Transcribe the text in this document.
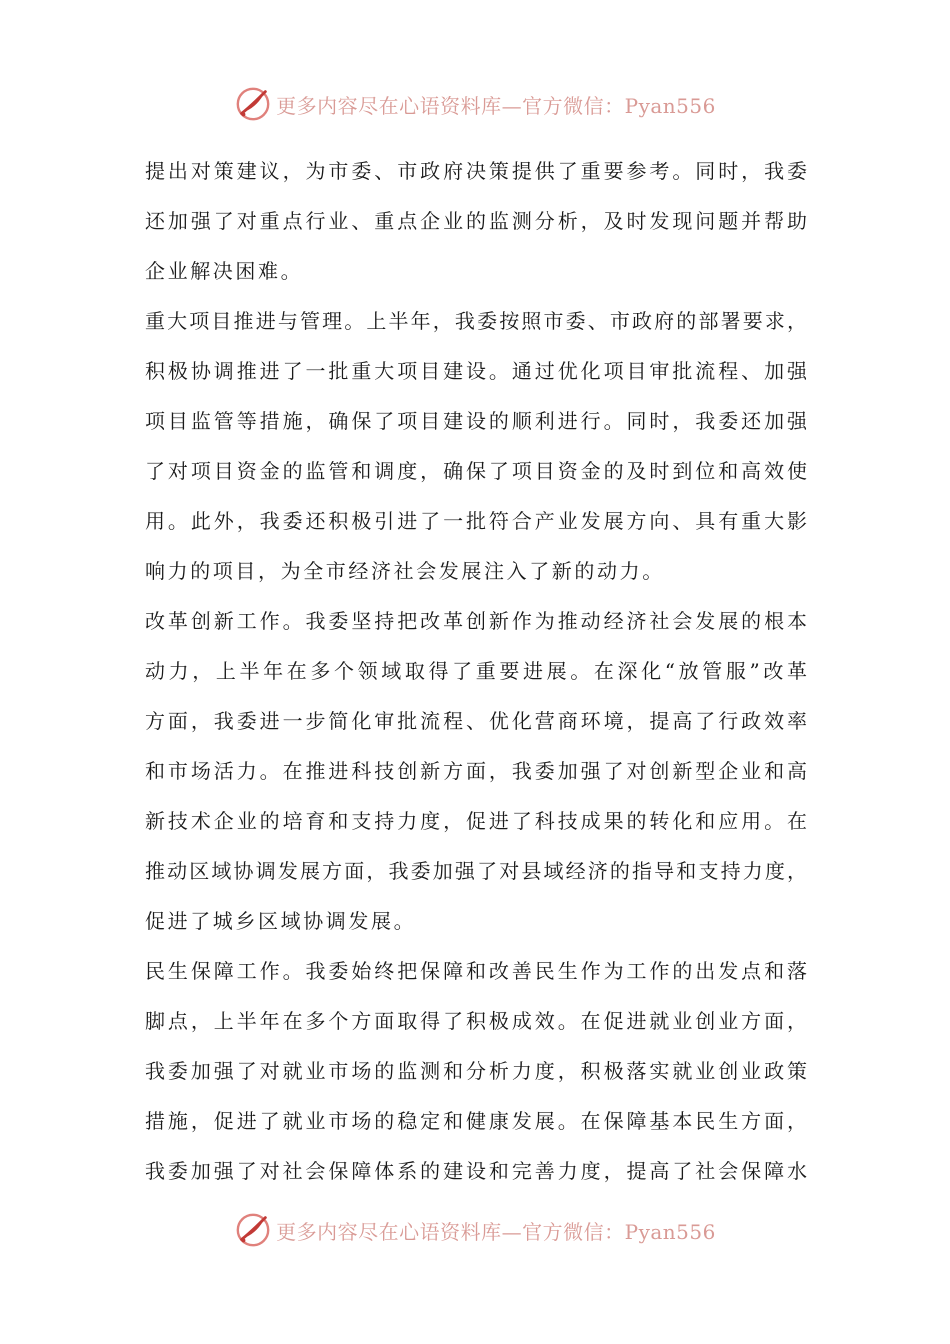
更多内容尽在心语资料库—官方微信：Pyan556
提出对策建议，为市委、市政府决策提供了重要参考。同时，我委
还加强了对重点行业、重点企业的监测分析，及时发现问题并帮助
企业解决困难。
重大项目推进与管理。上半年，我委按照市委、市政府的部署要求，
积极协调推进了一批重大项目建设。通过优化项目审批流程、加强
项目监管等措施，确保了项目建设的顺利进行。同时，我委还加强
了对项目资金的监管和调度，确保了项目资金的及时到位和高效使
用。此外，我委还积极引进了一批符合产业发展方向、具有重大影
响力的项目，为全市经济社会发展注入了新的动力。
改革创新工作。我委坚持把改革创新作为推动经济社会发展的根本
动力，上半年在多个领域取得了重要进展。在深化“放管服”改革
方面，我委进一步简化审批流程、优化营商环境，提高了行政效率
和市场活力。在推进科技创新方面，我委加强了对创新型企业和高
新技术企业的培育和支持力度，促进了科技成果的转化和应用。在
推动区域协调发展方面，我委加强了对县域经济的指导和支持力度，
促进了城乡区域协调发展。
民生保障工作。我委始终把保障和改善民生作为工作的出发点和落
脚点，上半年在多个方面取得了积极成效。在促进就业创业方面，
我委加强了对就业市场的监测和分析力度，积极落实就业创业政策
措施，促进了就业市场的稳定和健康发展。在保障基本民生方面，
我委加强了对社会保障体系的建设和完善力度，提高了社会保障水
更多内容尽在心语资料库—官方微信：Pyan556
